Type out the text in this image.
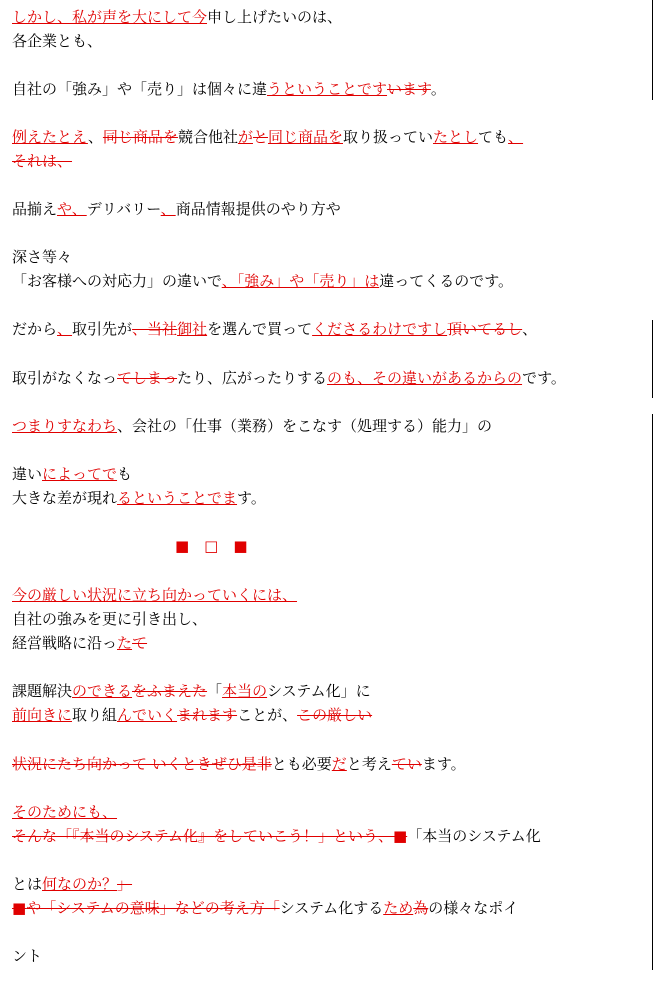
しかし、私が声を大にして今申し上げたいのは、
各企業とも、
自社の「強み」や「売り」は個々に違うということですいます。
例えたとえ、同じ商品を競合他社がと同じ商品を取り扱っていたとしても、
それは、
品揃えや、デリバリー、商品情報提供のやり方や
深さ等々
「お客様への対応力」の違いで、「強み」や「売り」は違ってくるのです。
だから、取引先が、当社御社を選んで買ってくださるわけですし頂いてるし、
取引がなくなってしまったり、広がったりするのも、その違いがあるからのです。
つまりすなわち、会社の「仕事（業務）をこなす（処理する）能力」の
違いによってでも
大きな差が現れるということでます。
■　□　■
今の厳しい状況に立ち向かっていくには、
自社の強みを更に引き出し、
経営戦略に沿ったて
課題解決のできるをふまえた「本当のシステム化」に
前向きに取り組んでいくまれますことが、この厳しい
状況にたち向かって いくときぜひ是非とも必要だと考えています。
そのためにも、
そんな「『本当のシステム化』をしていこう！」という、■「本当のシステム化
とは何なのか？」
■や「システムの意味」などの考え方「システム化するため為の様々なポイ
ント
